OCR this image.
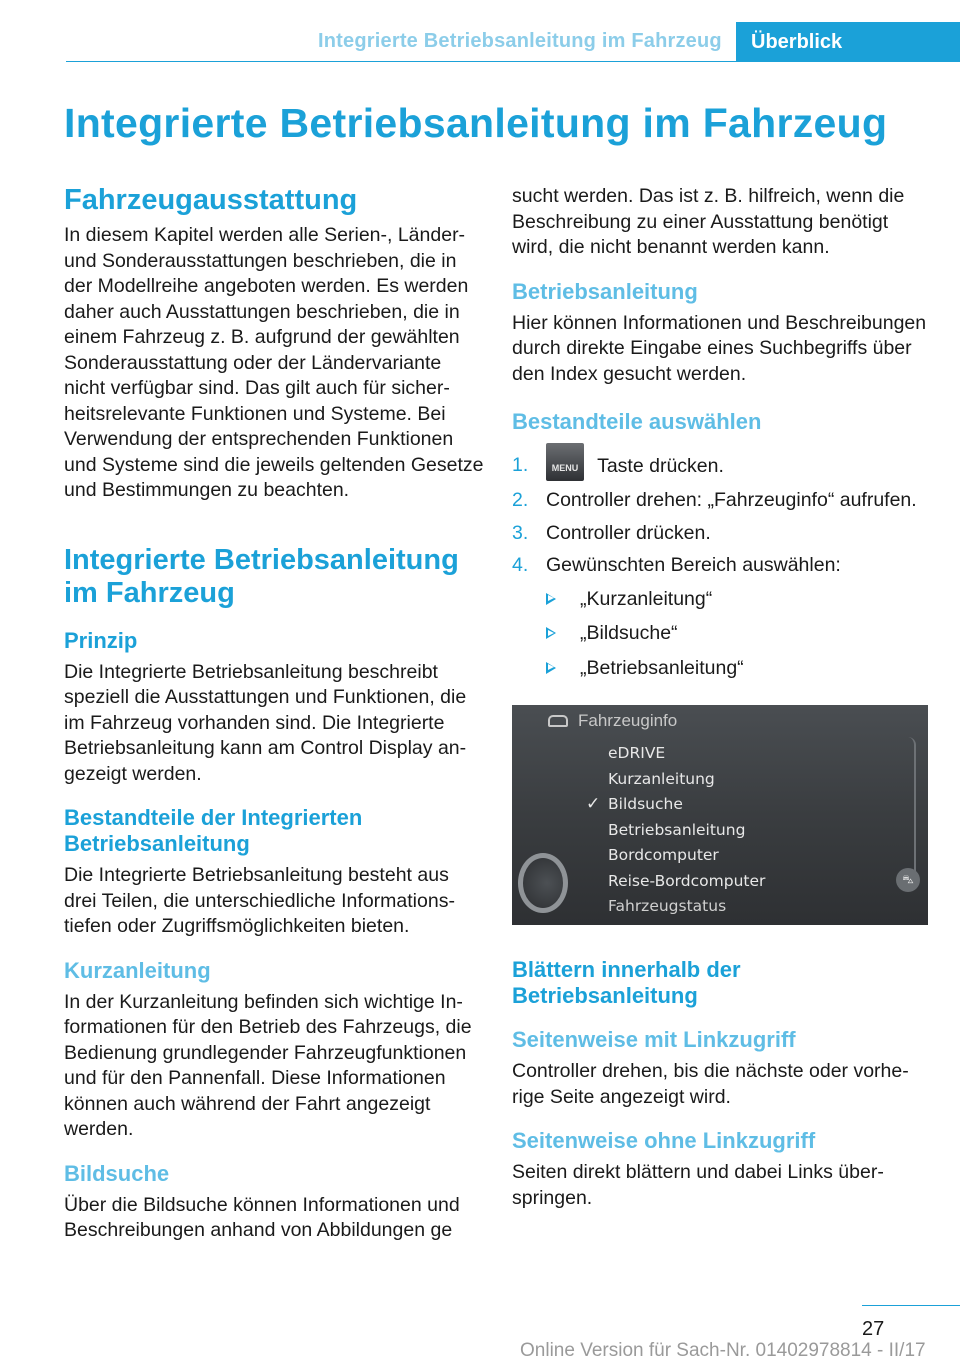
Integrierte Betriebsanleitung im Fahrzeug	Überblick
Integrierte Betriebsanleitung im Fahrzeug
Fahrzeugausstattung

In diesem Kapitel werden alle Serien-, Länder- und Sonderausstattungen beschrieben, die in der Modellreihe angeboten werden. Es werden daher auch Ausstattungen beschrieben, die in einem Fahrzeug z. B. aufgrund der gewählten Sonderausstattung oder der Ländervariante nicht verfügbar sind. Das gilt auch für sicherheitsrelevante Funktionen und Systeme. Bei Verwendung der entsprechenden Funktionen und Systeme sind die jeweils geltenden Gesetze und Bestimmungen zu beachten.

Integrierte Betriebsanleitung im Fahrzeug
Prinzip

Die Integrierte Betriebsanleitung beschreibt speziell die Ausstattungen und Funktionen, die im Fahrzeug vorhanden sind. Die Integrierte Betriebsanleitung kann am Control Display angezeigt werden.

Bestandteile der Integrierten Betriebsanleitung

Die Integrierte Betriebsanleitung besteht aus drei Teilen, die unterschiedliche Informationstiefen oder Zugriffsmöglichkeiten bieten.

Kurzanleitung

In der Kurzanleitung befinden sich wichtige Informationen für den Betrieb des Fahrzeugs, die Bedienung grundlegender Fahrzeugfunktionen und für den Pannenfall. Diese Informationen können auch während der Fahrt angezeigt werden.

Bildsuche

Über die Bildsuche können Informationen und Beschreibungen anhand von Abbildungen ge

sucht werden. Das ist z. B. hilfreich, wenn die Beschreibung zu einer Ausstattung benötigt wird, die nicht benannt werden kann.

Betriebsanleitung

Hier können Informationen und Beschreibungen durch direkte Eingabe eines Suchbegriffs über den Index gesucht werden.

Bestandteile auswählen
1.	MENU Taste drücken.
2. Controller drehen: „Fahrzeuginfo“ aufrufen.
3. Controller drücken.
4. Gewünschten Bereich auswählen:
„Kurzanleitung“
„Bildsuche“
„Betriebsanleitung“
Fahrzeuginfo
eDRIVE
Kurzanleitung
✓ Bildsuche
Betriebsanleitung
Bordcomputer
Reise-Bordcomputer
Fahrzeugstatus
⛍
Blättern innerhalb der Betriebsanleitung
Seitenweise mit Linkzugriff

Controller drehen, bis die nächste oder vorherige Seite angezeigt wird.

Seitenweise ohne Linkzugriff

Seiten direkt blättern und dabei Links überspringen.

27
Online Version für Sach-Nr. 01402978814 - II/17
